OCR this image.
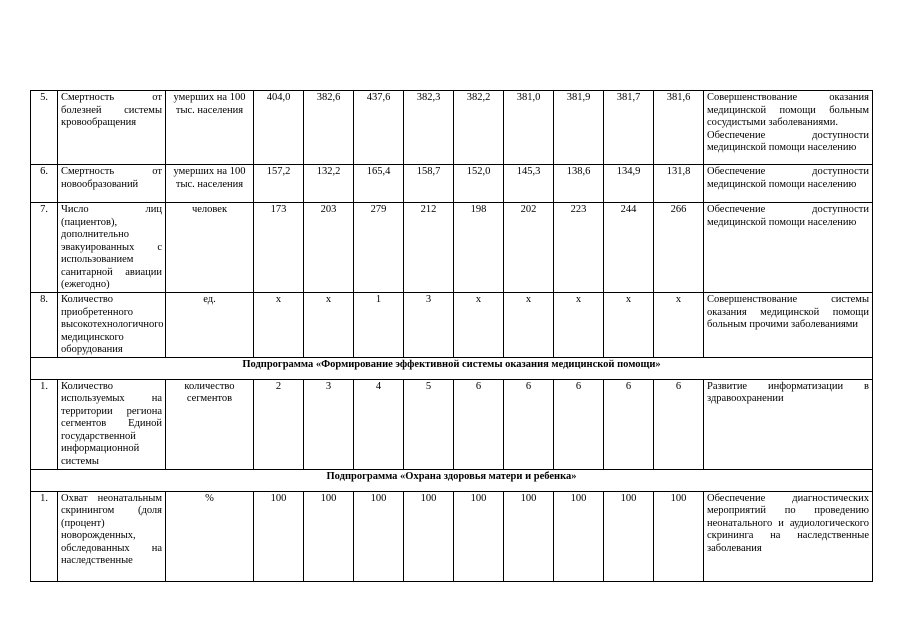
5.	Смертность от болезней системы кровообращения	умерших на 100 тыс. населения	404,0	382,6	437,6	382,3	382,2	381,0	381,9	381,7	381,6	Совершенствование оказания медицинской помощи больным сосудистыми заболеваниями.
Обеспечение доступности медицинской помощи населению

6.	Смертность от новообразований	умерших на 100 тыс. населения	157,2	132,2	165,4	158,7	152,0	145,3	138,6	134,9	131,8	Обеспечение доступности медицинской помощи населению

7.	Число лиц (пациентов), дополнительно эвакуированных с использованием санитарной авиации (ежегодно)	человек	173	203	279	212	198	202	223	244	266	Обеспечение доступности медицинской помощи населению

8.	Количество приобретенного высокотехнологичного медицинского оборудования	ед.	х	х	1	3	х	х	х	х	х	Совершенствование системы оказания медицинской помощи больным прочими заболеваниями

Подпрограмма «Формирование эффективной системы оказания медицинской помощи»												
1.	Количество используемых на территории региона сегментов Единой государственной информационной системы	количество сегментов	2	3	4	5	6	6	6	6	6	Развитие информатизации в здравоохранении

Подпрограмма «Охрана здоровья матери и ребенка»												
1.	Охват неонатальным скринингом (доля (процент) новорожденных, обследованных на наследственные	%	100	100	100	100	100	100	100	100	100	Обеспечение диагностических мероприятий по проведению неонатального и аудиологического скрининга на наследственные заболевания
